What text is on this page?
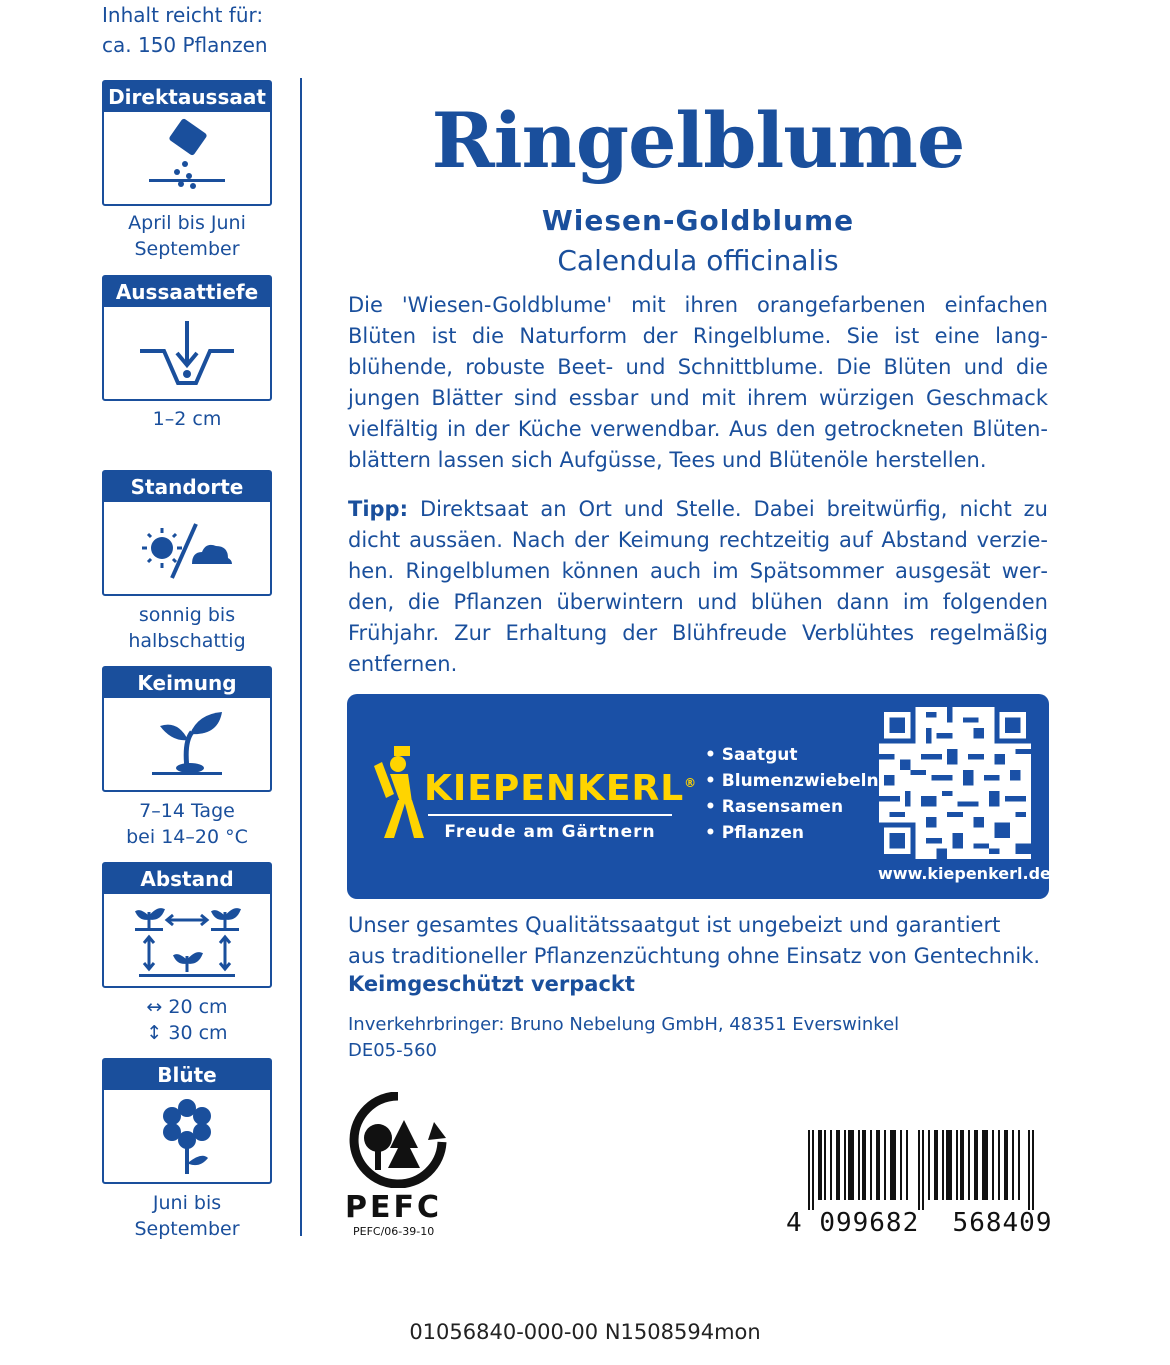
Inhalt reicht für:
ca. 150 Pflanzen
Direktaussaat
April bis Juni
September
Aussaattiefe
1–2 cm
Standorte
sonnig bis
halbschattig
Keimung
7–14 Tage
bei 14–20 °C
Abstand
↔ 20 cm
↕ 30 cm
Blüte
Juni bis
September
Ringelblume
Wiesen-Goldblume
Calendula officinalis
Die 'Wiesen-Goldblume' mit ihren orangefarbenen einfachen Blüten ist die Naturform der Ringelblume. Sie ist eine langblühende, robuste Beet- und Schnittblume. Die Blüten und die jungen Blätter sind essbar und mit ihrem würzigen Geschmack vielfältig in der Küche verwendbar. Aus den getrockneten Blütenblättern lassen sich Aufgüsse, Tees und Blütenöle herstellen.
Tipp: Direktsaat an Ort und Stelle. Dabei breitwürfig, nicht zu dicht aussäen. Nach der Keimung rechtzeitig auf Abstand verziehen. Ringelblumen können auch im Spätsommer ausgesät werden, die Pflanzen überwintern und blühen dann im folgenden Frühjahr. Zur Erhaltung der Blühfreude Verblühtes regelmäßig entfernen.
KIEPENKERL®
Freude am Gärtnern
• Saatgut
• Blumenzwiebeln
• Rasensamen
• Pflanzen
www.kiepenkerl.de
Unser gesamtes Qualitätssaatgut ist ungebeizt und garantiert
aus traditioneller Pflanzenzüchtung ohne Einsatz von Gentechnik.
Keimgeschützt verpackt
Inverkehrbringer: Bruno Nebelung GmbH, 48351 Everswinkel
DE05-560
PEFC
PEFC/06-39-10	4 099682 568409
01056840-000-00 N1508594mon
